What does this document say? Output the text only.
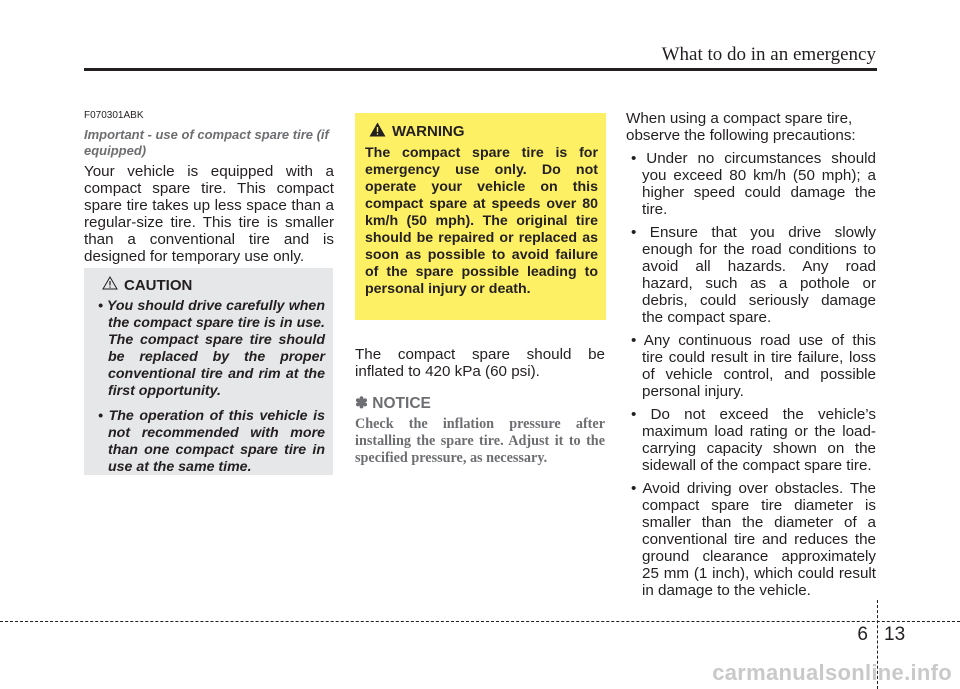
What to do in an emergency

F070301ABK

Important - use of compact spare tire (if equipped)

Your vehicle is equipped with a compact spare tire. This compact spare tire takes up less space than a regular-size tire. This tire is smaller than a conventional tire and is designed for temporary use only.

CAUTION
• You should drive carefully when the compact spare tire is in use. The compact spare tire should be replaced by the proper conventional tire and rim at the first opportunity.
• The operation of this vehicle is not recommended with more than one compact spare tire in use at the same time.
WARNING

The compact spare tire is for emergency use only. Do not operate your vehicle on this compact spare at speeds over 80 km/h (50 mph). The original tire should be repaired or replaced as soon as possible to avoid failure of the spare possible leading to personal injury or death.

The compact spare should be inflated to 420 kPa (60 psi).

✽ NOTICE

Check the inflation pressure after installing the spare tire. Adjust it to the specified pressure, as necessary.

When using a compact spare tire, observe the following precautions:

• Under no circumstances should you exceed 80 km/h (50 mph); a higher speed could damage the tire.
• Ensure that you drive slowly enough for the road conditions to avoid all hazards. Any road hazard, such as a pothole or debris, could seriously damage the compact spare.
• Any continuous road use of this tire could result in tire failure, loss of vehicle control, and possible personal injury.
• Do not exceed the vehicle’s maximum load rating or the load-carrying capacity shown on the sidewall of the compact spare tire.
• Avoid driving over obstacles. The compact spare tire diameter is smaller than the diameter of a conventional tire and reduces the ground clearance approximately 25 mm (1 inch), which could result in damage to the vehicle.
6 13
carmanualsonline.info
